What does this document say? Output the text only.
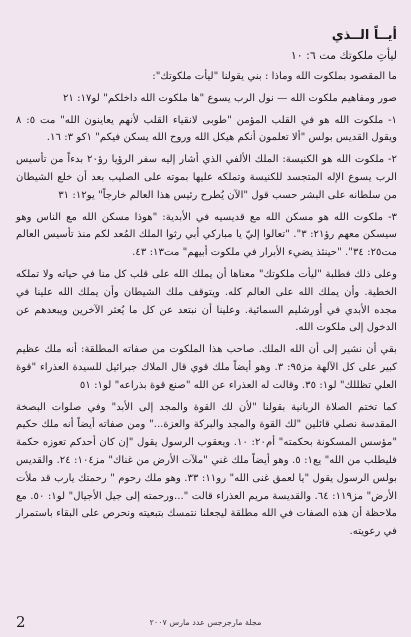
أيــاً الــذي
ليأتِ ملكوتك مت ٦: ١٠

ما المقصود بملكوت الله وماذا : بني يقولنا "ليأت ملكوتك":

صور ومفاهيم ملكوت الله — نول الرب يسوع "ها ملكوت الله داخلكم" لو١٧: ٢١

١- ملكوت الله هو في القلب المؤمن "طوبى لانقياء القلب لأنهم يعاينون الله" مت ٥: ٨ ويقول القديس بولس "ألا تعلمون أنكم هيكل الله وروح الله يسكن فيكم" ١كو ٣: ١٦.

٢- ملكوت الله هو الكنيسة: الملك الألفي الذي أشار إليه سفر الرؤيا رؤ٢٠ بدءاً من تأسيس الرب يسوع الإله المتجسد للكنيسة وتملكه عليها بموته على الصليب بعد أن خلع الشيطان من سلطانه على البشر حسب قول "الآن يُطرح رئيس هذا العالم خارجاً" يو١٢: ٣١

٣- ملكوت الله هو مسكن الله مع قديسيه في الأبدية: "هوذا مسكن الله مع الناس وهو سيسكن معهم رؤ٢١: ٣". "تعالوا إليّ يا مباركي أبي رثوا الملك المُعد لكم منذ تأسيس العالم مت٢٥: ٣٤". "حينئذ يضيء الأبرار في ملكوت أبيهم" مت١٣: ٤٣.

وعلى ذلك فطلبة "ليأت ملكوتك" معناها أن يملك الله على قلب كل منا في حياته ولا تملكه الخطية. وأن يملك الله على العالم كله. ويتوقف ملك الشيطان وأن يملك الله علينا في مجده الأبدي في أورشليم السمائية. وعلينا أن نبتعد عن كل ما يُعثر الآخرين ويبعدهم عن الدخول إلى ملكوت الله.

بقي أن نشير إلى أن الله الملك. صاحب هذا الملكوت من صفاته المطلقة: أنه ملك عظيم كبير على كل الآلهة مز٩٥: ٣. وهو أيضاً ملك قوي قال الملاك جبرائيل للسيدة العذراء "قوة العلي تظللك" لو١: ٣٥. وقالت له العذراء عن الله "صنع قوة بذراعه" لو١: ٥١

كما تختم الصلاة الربانية بقولنا "لأن لك القوة والمجد إلى الأبد" وفي صلوات البصخة المقدسة نصلي قائلين "لك القوة والمجد والبركة والعزة..." ومن صفاته أيضاً أنه ملك حكيم "مؤسس المسكونة بحكمته" أم٢٠: ١٠. ويعقوب الرسول يقول "إن كان أحدكم تعوزه حكمة فليطلب من الله" يع١: ٥. وهو أيضاً ملك غني "ملآت الأرض من غناك" مز١٠٤: ٢٤. والقديس بولس الرسول يقول "يا لعمق غنى الله" رو١١: ٣٣. وهو ملك رحوم " رحمتك يارب قد ملأت الأرض" مز١١٩: ٦٤. والقديسة مريم العذراء قالت "...ورحمته إلى جيل الأجيال" لو١: ٥٠. مع ملاحظة أن هذه الصفات في الله مطلقة ليجعلنا نتمسك بتبعيته ونحرص على البقاء باستمرار في رعويته.

2	مجلة مارجرجس عدد مارس ٢٠٠٧
